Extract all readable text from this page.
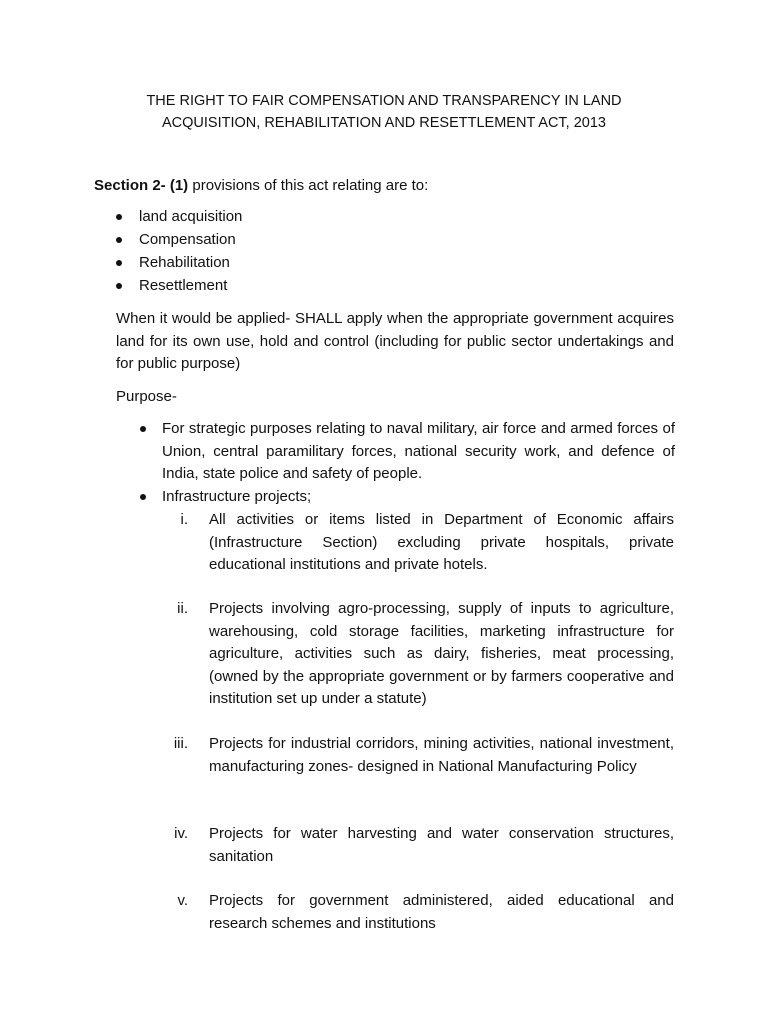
THE RIGHT TO FAIR COMPENSATION AND TRANSPARENCY IN LAND
ACQUISITION, REHABILITATION AND RESETTLEMENT ACT, 2013
Section 2- (1) provisions of this act relating are to:
land acquisition
Compensation
Rehabilitation
Resettlement
When it would be applied- SHALL apply when the appropriate government acquires land for its own use, hold and control (including for public sector undertakings and for public purpose)
Purpose-
For strategic purposes relating to naval military, air force and armed forces of Union, central paramilitary forces, national security work, and defence of India, state police and safety of people.
Infrastructure projects;
i. All activities or items listed in Department of Economic affairs (Infrastructure Section) excluding private hospitals, private educational institutions and private hotels.
ii. Projects involving agro-processing, supply of inputs to agriculture, warehousing, cold storage facilities, marketing infrastructure for agriculture, activities such as dairy, fisheries, meat processing, (owned by the appropriate government or by farmers cooperative and institution set up under a statute)
iii. Projects for industrial corridors, mining activities, national investment, manufacturing zones- designed in National Manufacturing Policy
iv. Projects for water harvesting and water conservation structures, sanitation
v. Projects for government administered, aided educational and research schemes and institutions
